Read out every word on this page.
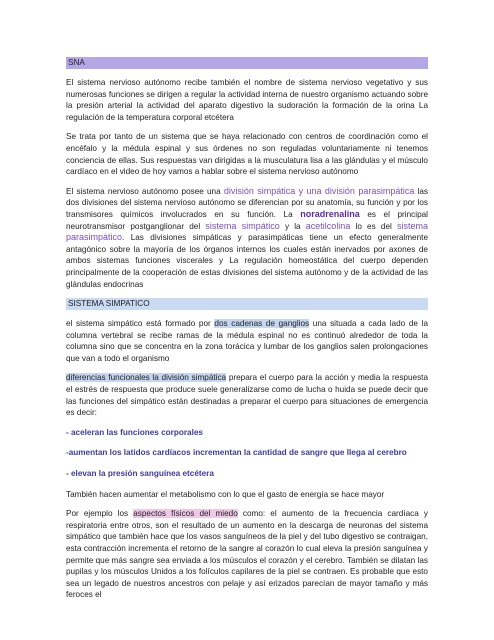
SNA

El sistema nervioso autónomo recibe también el nombre de sistema nervioso vegetativo y sus numerosas funciones se dirigen a regular la actividad interna de nuestro organismo actuando sobre la presión arterial la actividad del aparato digestivo la sudoración la formación de la orina La regulación de la temperatura corporal etcétera

Se trata por tanto de un sistema que se haya relacionado con centros de coordinación como el encéfalo y la médula espinal y sus órdenes no son reguladas voluntariamente ni tenemos conciencia de ellas. Sus respuestas van dirigidas a la musculatura lisa a las glándulas y el músculo cardíaco en el video de hoy vamos a hablar sobre el sistema nervioso autónomo

El sistema nervioso autónomo posee una división simpática y una división parasimpática las dos divisiones del sistema nervioso autónomo se diferencian por su anatomía, su función y por los transmisores químicos involucrados en su función. La noradrenalina es el principal neurotransmisor postganglionar del sistema simpático y la acetilcolina lo es del sistema parasimpático. Las divisiones simpáticas y parasimpáticas tiene un efecto generalmente antagónico sobre la mayoría de los órganos internos los cuales están inervados por axones de ambos sistemas funciones viscerales y La regulación homeostática del cuerpo dependen principalmente de la cooperación de estas divisiones del sistema autónomo y de la actividad de las glándulas endocrinas

SISTEMA SIMPATICO

el sistema simpático está formado por dos cadenas de ganglios una situada a cada lado de la columna vertebral se recibe ramas de la médula espinal no es continuó alrededor de toda la columna sino que se concentra en la zona torácica y lumbar de los ganglios salen prolongaciones que van a todo el organismo

diferencias funcionales la división simpática prepara el cuerpo para la acción y media la respuesta el estrés de respuesta que produce suele generalizarse como de lucha o huida se puede decir que las funciones del simpático están destinadas a preparar el cuerpo para situaciones de emergencia es decir:

- aceleran las funciones corporales

-aumentan los latidos cardíacos incrementan la cantidad de sangre que llega al cerebro

- elevan la presión sanguínea etcétera

También hacen aumentar el metabolismo con lo que el gasto de energía se hace mayor

Por ejemplo los aspectos físicos del miedo como: el aumento de la frecuencia cardíaca y respiratoria entre otros, son el resultado de un aumento en la descarga de neuronas del sistema simpático que también hace que los vasos sanguíneos de la piel y del tubo digestivo se contraigan, esta contracción incrementa el retorno de la sangre al corazón lo cual eleva la presión sanguínea y permite que más sangre sea enviada a los músculos el corazón y el cerebro. También se dilatan las pupilas y los músculos Unidos a los folículos capilares de la piel se contraen. Es probable que esto sea un legado de nuestros ancestros con pelaje y así erizados parecían de mayor tamaño y más feroces el
